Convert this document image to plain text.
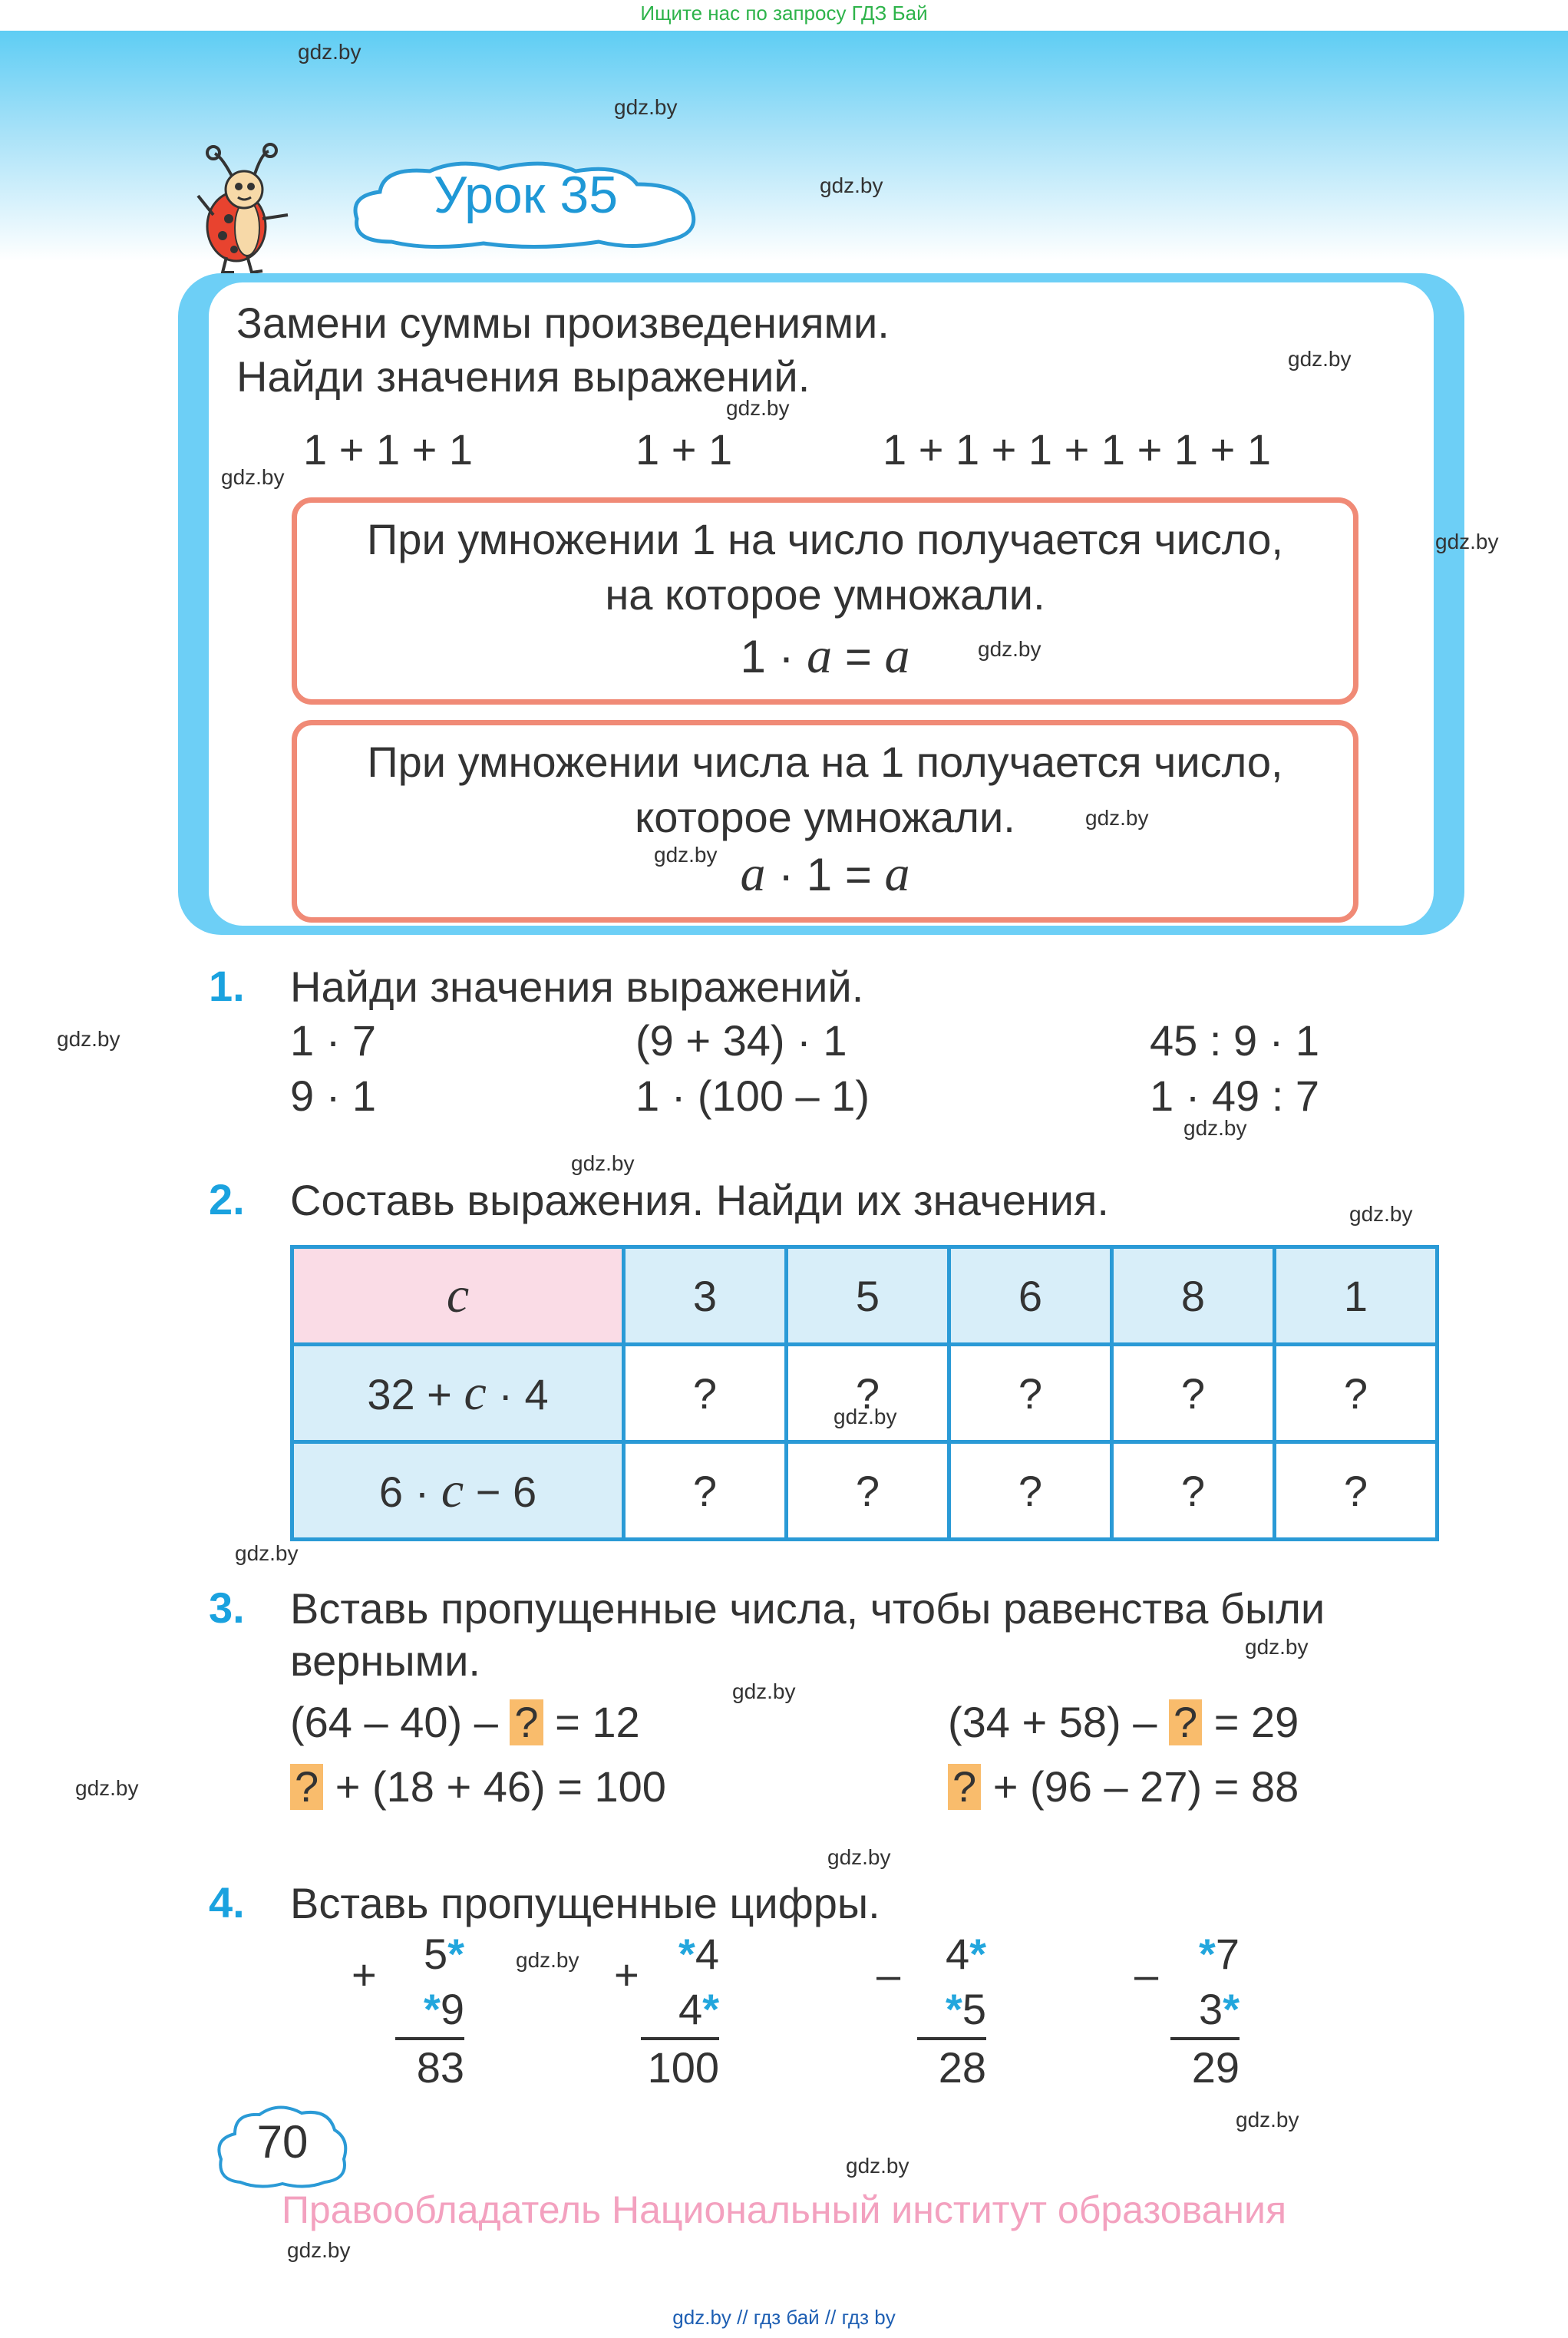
Ищите нас по запросу ГДЗ Бай
Урок 35
Замени суммы произведениями.
Найди значения выражений.
1 + 1 + 1	1 + 1	1 + 1 + 1 + 1 + 1 + 1
При умножении 1 на число получается число,
на которое умножали.
1 · a = a
При умножении числа на 1 получается число,
которое умножали.
a · 1 = a
1. Найди значения выражений.
1 · 7	(9 + 34) · 1	45 : 9 · 1
9 · 1	1 · (100 – 1)	1 · 49 : 7
2. Составь выражения. Найди их значения.
c	3	5	6	8	1
32 + c · 4	?	?	?	?	?
6 · c − 6	?	?	?	?	?
3. Вставь пропущенные числа, чтобы равенства были
верными.
(64 – 40) – ? = 12	(34 + 58) – ? = 29
? + (18 + 46) = 100	? + (96 – 27) = 88
4. Вставь пропущенные цифры.
+	5*
*9
83
+ *4
4*
100
–	4*
*5
28
– *7
3*
29
70
Правообладатель Национальный институт образования
gdz.by // гдз бай // гдз by
gdz.by
gdz.by
gdz.by
gdz.by
gdz.by
gdz.by
gdz.by
gdz.by
gdz.by
gdz.by
gdz.by
gdz.by
gdz.by
gdz.by
gdz.by
gdz.by
gdz.by
gdz.by
gdz.by
gdz.by
gdz.by
gdz.by
gdz.by
gdz.by
